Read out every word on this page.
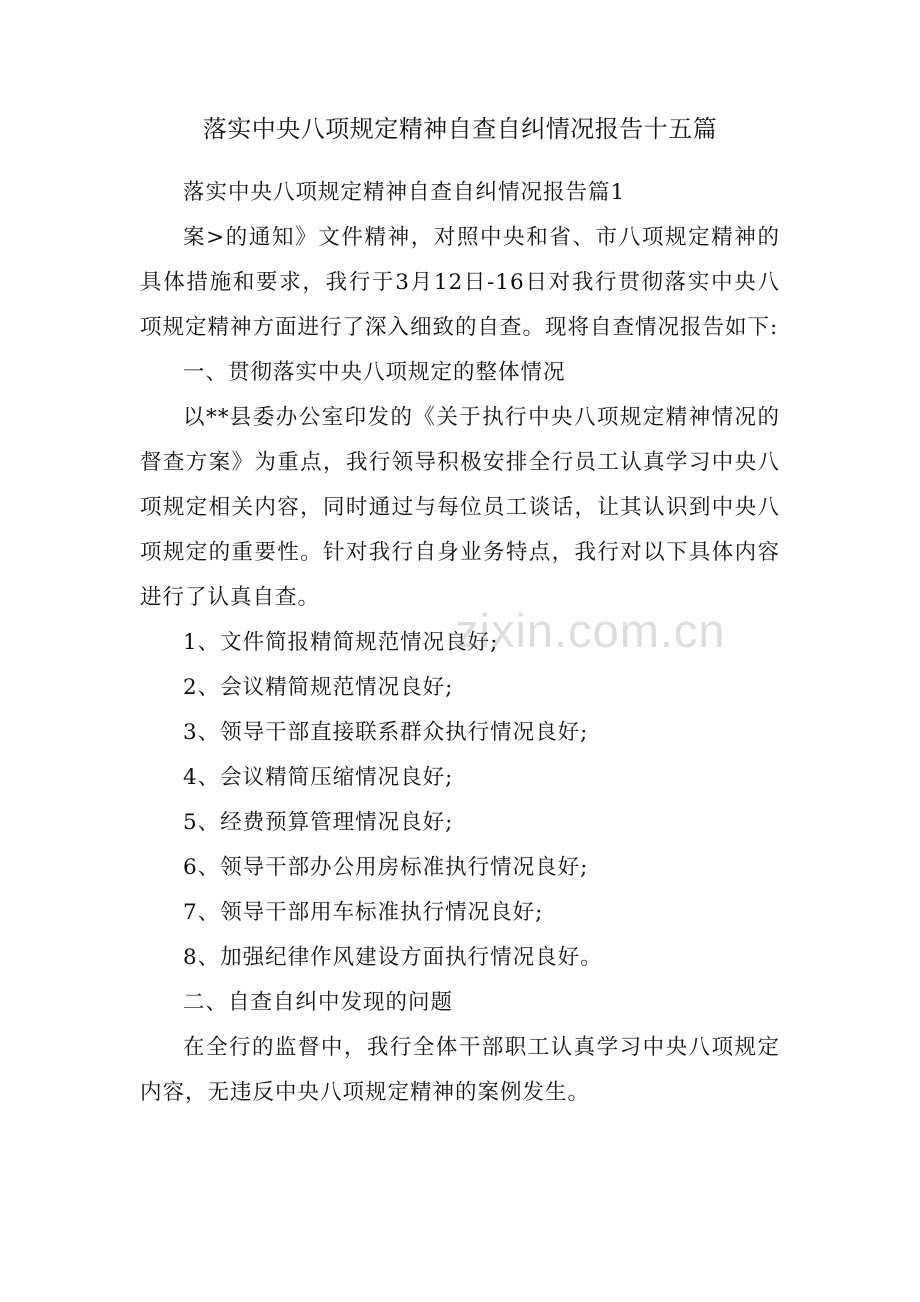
落实中央八项规定精神自查自纠情况报告十五篇

落实中央八项规定精神自查自纠情况报告篇1

案>的通知》文件精神，对照中央和省、市八项规定精神的具体措施和要求，我行于3月12日-16日对我行贯彻落实中央八项规定精神方面进行了深入细致的自查。现将自查情况报告如下:

一、贯彻落实中央八项规定的整体情况

以**县委办公室印发的《关于执行中央八项规定精神情况的督查方案》为重点，我行领导积极安排全行员工认真学习中央八项规定相关内容，同时通过与每位员工谈话，让其认识到中央八项规定的重要性。针对我行自身业务特点，我行对以下具体内容进行了认真自查。

1、文件简报精简规范情况良好;

2、会议精简规范情况良好;

3、领导干部直接联系群众执行情况良好;

4、会议精简压缩情况良好;

5、经费预算管理情况良好;

6、领导干部办公用房标准执行情况良好;

7、领导干部用车标准执行情况良好;

8、加强纪律作风建设方面执行情况良好。

二、自查自纠中发现的问题

在全行的监督中，我行全体干部职工认真学习中央八项规定内容，无违反中央八项规定精神的案例发生。

zixin.com.cn
